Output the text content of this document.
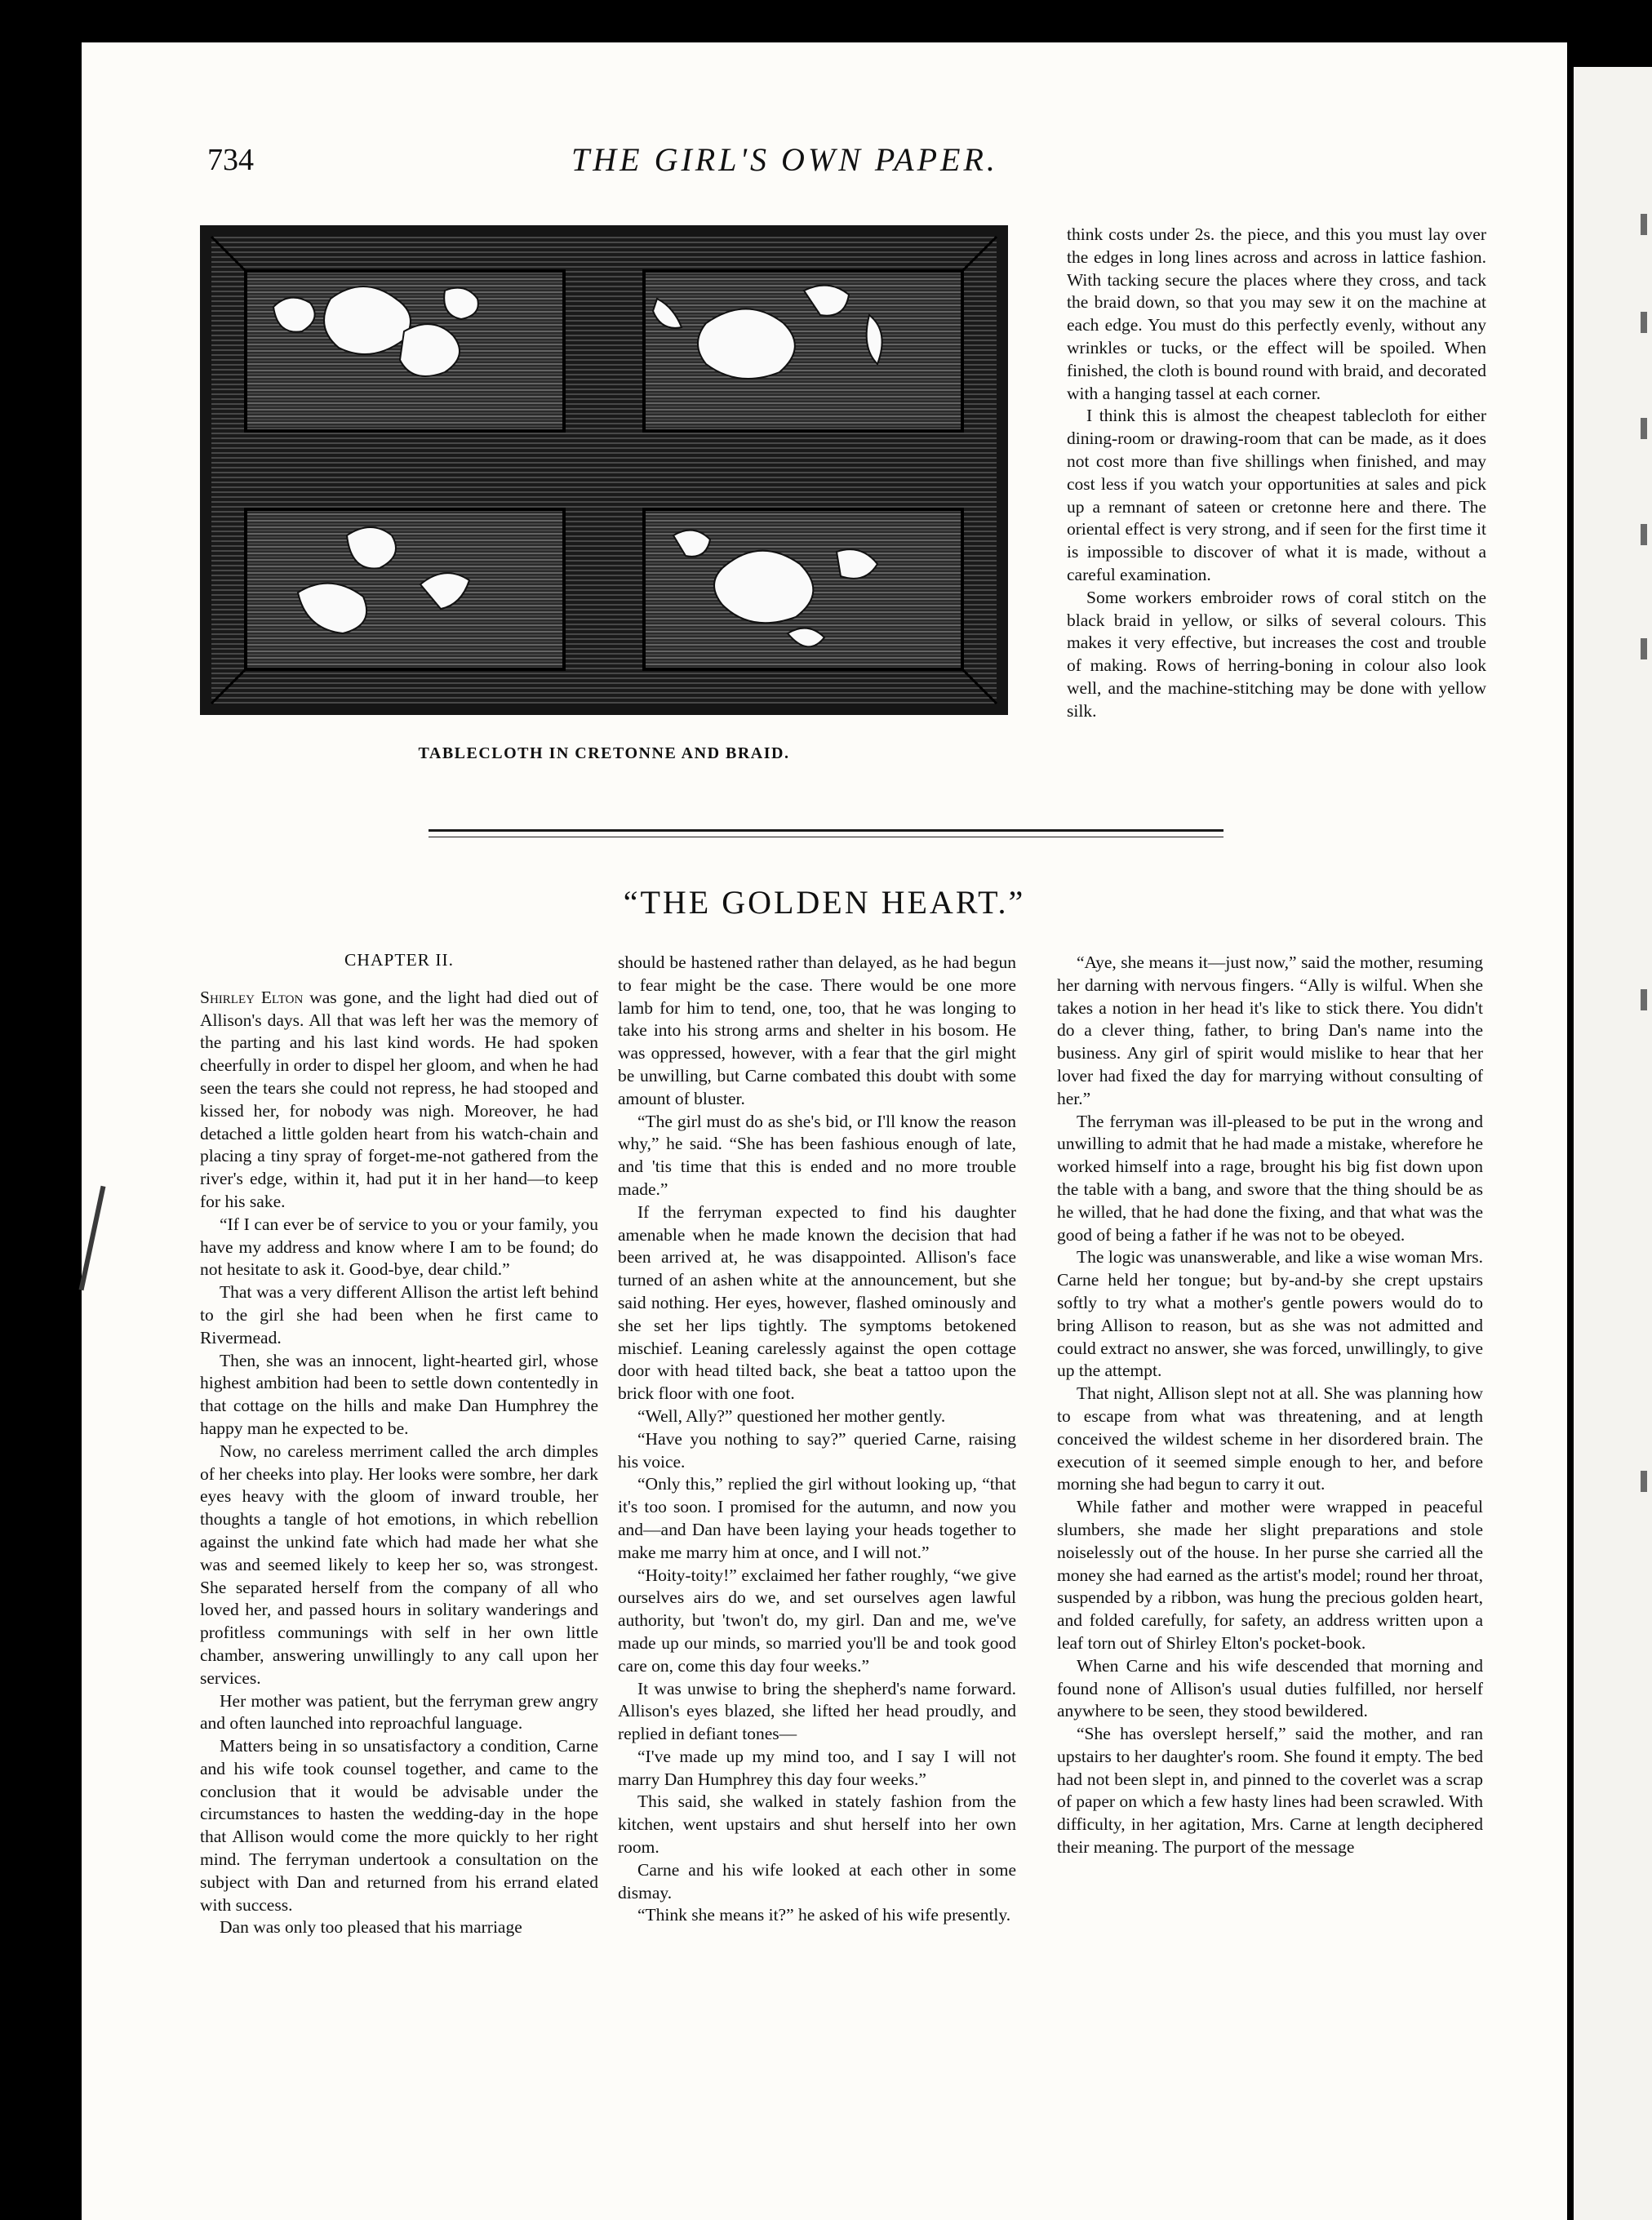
734	THE GIRL'S OWN PAPER.
TABLECLOTH IN CRETONNE AND BRAID.

think costs under 2s. the piece, and this you must lay over the edges in long lines across and across in lattice fashion. With tacking secure the places where they cross, and tack the braid down, so that you may sew it on the machine at each edge. You must do this perfectly evenly, without any wrinkles or tucks, or the effect will be spoiled. When finished, the cloth is bound round with braid, and decorated with a hanging tassel at each corner.

I think this is almost the cheapest tablecloth for either dining-room or drawing-room that can be made, as it does not cost more than five shillings when finished, and may cost less if you watch your opportunities at sales and pick up a remnant of sateen or cretonne here and there. The oriental effect is very strong, and if seen for the first time it is impossible to discover of what it is made, without a careful examination.

Some workers embroider rows of coral stitch on the black braid in yellow, or silks of several colours. This makes it very effective, but increases the cost and trouble of making. Rows of herring-boning in colour also look well, and the machine-stitching may be done with yellow silk.

“THE GOLDEN HEART.”
CHAPTER II.

Shirley Elton was gone, and the light had died out of Allison's days. All that was left her was the memory of the parting and his last kind words. He had spoken cheerfully in order to dispel her gloom, and when he had seen the tears she could not repress, he had stooped and kissed her, for nobody was nigh. Moreover, he had detached a little golden heart from his watch-chain and placing a tiny spray of forget-me-not gathered from the river's edge, within it, had put it in her hand—to keep for his sake.

“If I can ever be of service to you or your family, you have my address and know where I am to be found; do not hesitate to ask it. Good-bye, dear child.”

That was a very different Allison the artist left behind to the girl she had been when he first came to Rivermead.

Then, she was an innocent, light-hearted girl, whose highest ambition had been to settle down contentedly in that cottage on the hills and make Dan Humphrey the happy man he expected to be.

Now, no careless merriment called the arch dimples of her cheeks into play. Her looks were sombre, her dark eyes heavy with the gloom of inward trouble, her thoughts a tangle of hot emotions, in which rebellion against the unkind fate which had made her what she was and seemed likely to keep her so, was strongest. She separated herself from the company of all who loved her, and passed hours in solitary wanderings and profitless communings with self in her own little chamber, answering unwillingly to any call upon her services.

Her mother was patient, but the ferryman grew angry and often launched into reproachful language.

Matters being in so unsatisfactory a condition, Carne and his wife took counsel together, and came to the conclusion that it would be advisable under the circumstances to hasten the wedding-day in the hope that Allison would come the more quickly to her right mind. The ferryman undertook a consultation on the subject with Dan and returned from his errand elated with success.

Dan was only too pleased that his marriage

should be hastened rather than delayed, as he had begun to fear might be the case. There would be one more lamb for him to tend, one, too, that he was longing to take into his strong arms and shelter in his bosom. He was oppressed, however, with a fear that the girl might be unwilling, but Carne combated this doubt with some amount of bluster.

“The girl must do as she's bid, or I'll know the reason why,” he said. “She has been fashious enough of late, and 'tis time that this is ended and no more trouble made.”

If the ferryman expected to find his daughter amenable when he made known the decision that had been arrived at, he was disappointed. Allison's face turned of an ashen white at the announcement, but she said nothing. Her eyes, however, flashed ominously and she set her lips tightly. The symptoms betokened mischief. Leaning carelessly against the open cottage door with head tilted back, she beat a tattoo upon the brick floor with one foot.

“Well, Ally?” questioned her mother gently.

“Have you nothing to say?” queried Carne, raising his voice.

“Only this,” replied the girl without looking up, “that it's too soon. I promised for the autumn, and now you and—and Dan have been laying your heads together to make me marry him at once, and I will not.”

“Hoity-toity!” exclaimed her father roughly, “we give ourselves airs do we, and set ourselves agen lawful authority, but 'twon't do, my girl. Dan and me, we've made up our minds, so married you'll be and took good care on, come this day four weeks.”

It was unwise to bring the shepherd's name forward. Allison's eyes blazed, she lifted her head proudly, and replied in defiant tones—

“I've made up my mind too, and I say I will not marry Dan Humphrey this day four weeks.”

This said, she walked in stately fashion from the kitchen, went upstairs and shut herself into her own room.

Carne and his wife looked at each other in some dismay.

“Think she means it?” he asked of his wife presently.

“Aye, she means it—just now,” said the mother, resuming her darning with nervous fingers. “Ally is wilful. When she takes a notion in her head it's like to stick there. You didn't do a clever thing, father, to bring Dan's name into the business. Any girl of spirit would mislike to hear that her lover had fixed the day for marrying without consulting of her.”

The ferryman was ill-pleased to be put in the wrong and unwilling to admit that he had made a mistake, wherefore he worked himself into a rage, brought his big fist down upon the table with a bang, and swore that the thing should be as he willed, that he had done the fixing, and that what was the good of being a father if he was not to be obeyed.

The logic was unanswerable, and like a wise woman Mrs. Carne held her tongue; but by-and-by she crept upstairs softly to try what a mother's gentle powers would do to bring Allison to reason, but as she was not admitted and could extract no answer, she was forced, unwillingly, to give up the attempt.

That night, Allison slept not at all. She was planning how to escape from what was threatening, and at length conceived the wildest scheme in her disordered brain. The execution of it seemed simple enough to her, and before morning she had begun to carry it out.

While father and mother were wrapped in peaceful slumbers, she made her slight preparations and stole noiselessly out of the house. In her purse she carried all the money she had earned as the artist's model; round her throat, suspended by a ribbon, was hung the precious golden heart, and folded carefully, for safety, an address written upon a leaf torn out of Shirley Elton's pocket-book.

When Carne and his wife descended that morning and found none of Allison's usual duties fulfilled, nor herself anywhere to be seen, they stood bewildered.

“She has overslept herself,” said the mother, and ran upstairs to her daughter's room. She found it empty. The bed had not been slept in, and pinned to the coverlet was a scrap of paper on which a few hasty lines had been scrawled. With difficulty, in her agitation, Mrs. Carne at length deciphered their meaning. The purport of the message
